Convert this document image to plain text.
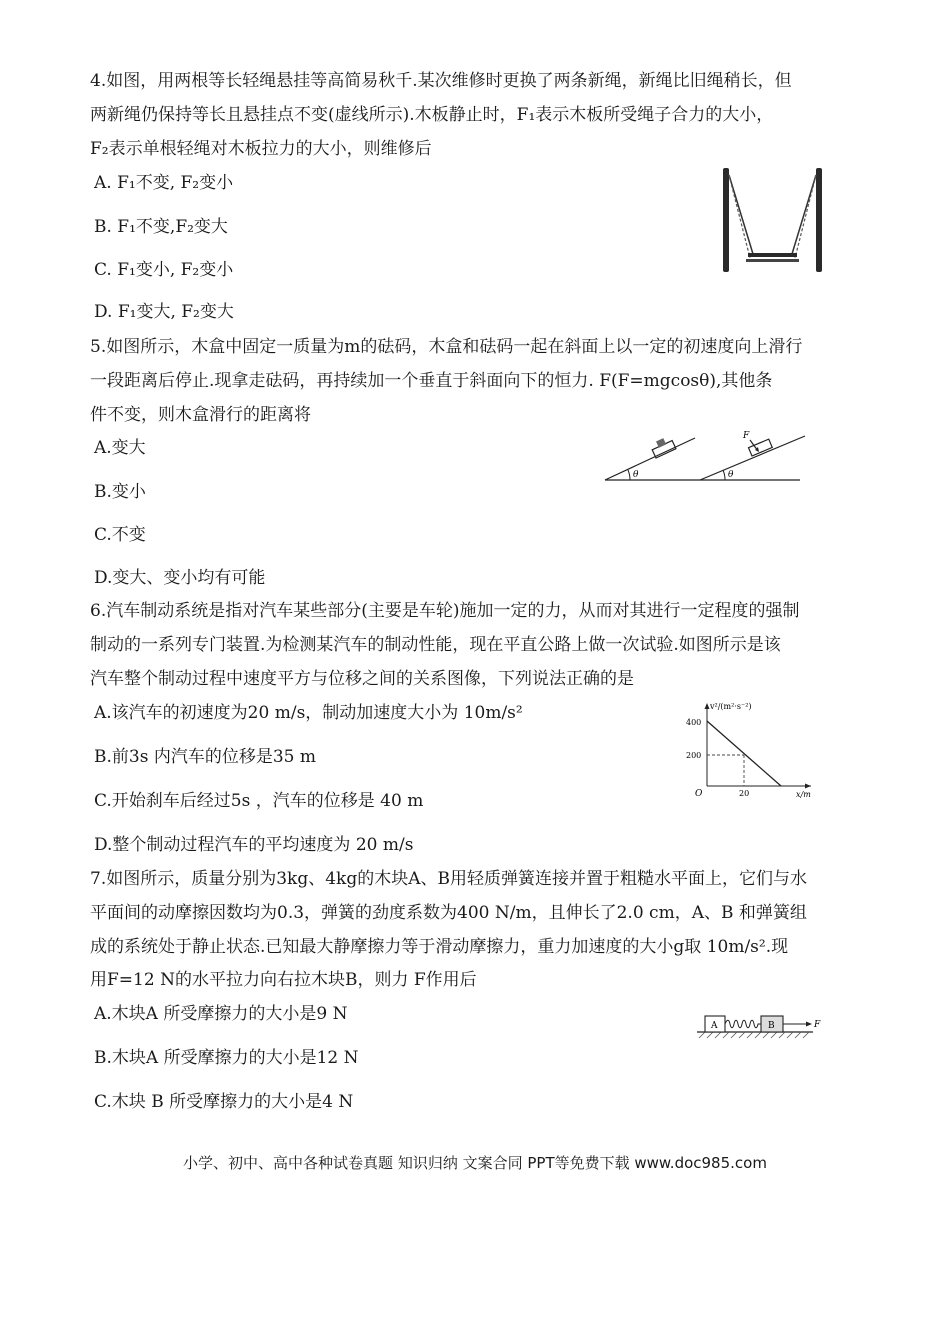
4.如图，用两根等长轻绳悬挂等高简易秋千.某次维修时更换了两条新绳，新绳比旧绳稍长，但
两新绳仍保持等长且悬挂点不变(虚线所示).木板静止时，F₁表示木板所受绳子合力的大小，
F₂表示单根轻绳对木板拉力的大小，则维修后
A. F₁不变, F₂变小
B. F₁不变,F₂变大
C. F₁变小, F₂变小
D. F₁变大, F₂变大
5.如图所示，木盒中固定一质量为m的砝码，木盒和砝码一起在斜面上以一定的初速度向上滑行
一段距离后停止.现拿走砝码，再持续加一个垂直于斜面向下的恒力. F(F=mgcosθ),其他条
件不变，则木盒滑行的距离将
A.变大
B.变小
C.不变
D.变大、变小均有可能
θ	θ
F
6.汽车制动系统是指对汽车某些部分(主要是车轮)施加一定的力，从而对其进行一定程度的强制
制动的一系列专门装置.为检测某汽车的制动性能，现在平直公路上做一次试验.如图所示是该
汽车整个制动过程中速度平方与位移之间的关系图像，下列说法正确的是
A.该汽车的初速度为20 m/s，制动加速度大小为 10m/s²
B.前3s 内汽车的位移是35 m
C.开始刹车后经过5s ，汽车的位移是 40 m
D.整个制动过程汽车的平均速度为 20 m/s
v²/(m²·s⁻²)
400
200
O	20	x/m
7.如图所示，质量分别为3kg、4kg的木块A、B用轻质弹簧连接并置于粗糙水平面上，它们与水
平面间的动摩擦因数均为0.3，弹簧的劲度系数为400 N/m，且伸长了2.0 cm，A、B 和弹簧组
成的系统处于静止状态.已知最大静摩擦力等于滑动摩擦力，重力加速度的大小g取 10m/s².现
用F=12 N的水平拉力向右拉木块B，则力 F作用后
A.木块A 所受摩擦力的大小是9 N
B.木块A 所受摩擦力的大小是12 N
C.木块 B 所受摩擦力的大小是4 N
A	B	F
小学、初中、高中各种试卷真题 知识归纳 文案合同 PPT等免费下载 www.doc985.com
